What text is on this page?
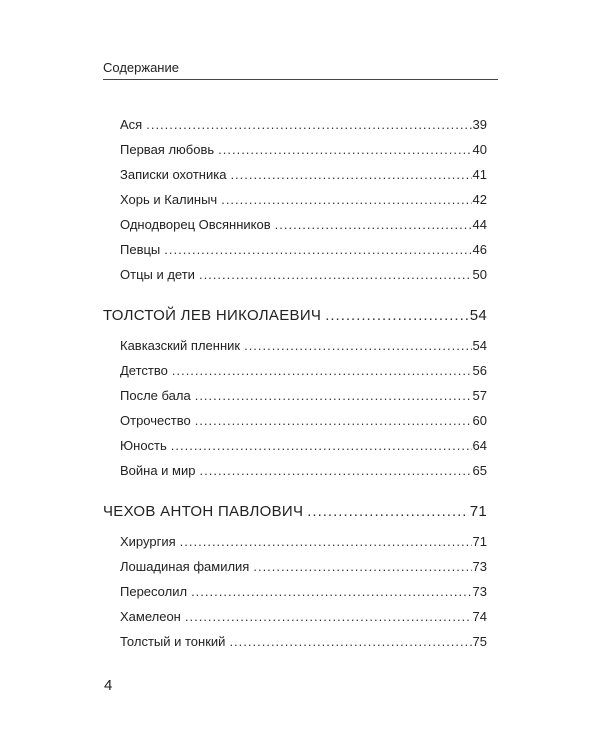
Содержание
Ася .....	39
Первая любовь .....	40
Записки охотника .....	41
Хорь и Калиныч .....	42
Однодворец Овсянников .....	44
Певцы .....	46
Отцы и дети .....	50
ТОЛСТОЙ ЛЕВ НИКОЛАЕВИЧ .....	54
Кавказский пленник .....	54
Детство .....	56
После бала .....	57
Отрочество .....	60
Юность .....	64
Война и мир .....	65
ЧЕХОВ АНТОН ПАВЛОВИЧ .....	71
Хирургия .....	71
Лошадиная фамилия .....	73
Пересолил .....	73
Хамелеон .....	74
Толстый и тонкий .....	75
4
